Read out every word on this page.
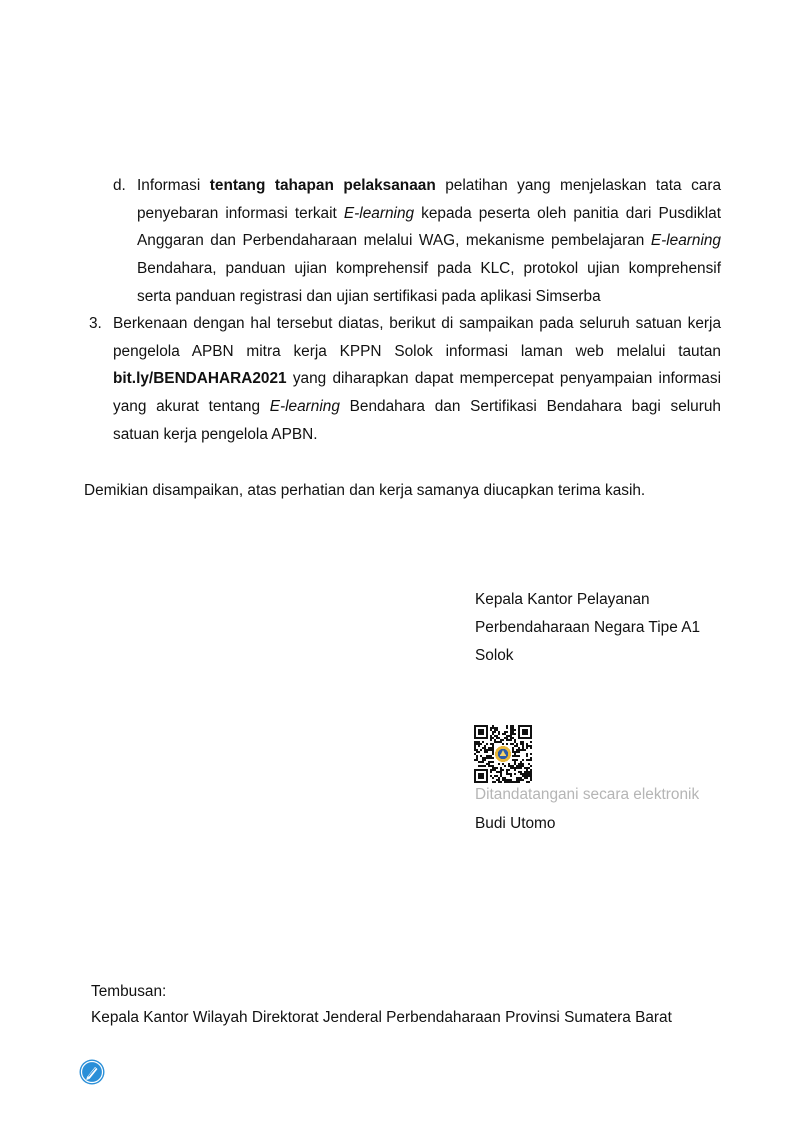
d. Informasi tentang tahapan pelaksanaan pelatihan yang menjelaskan tata cara penyebaran informasi terkait E-learning kepada peserta oleh panitia dari Pusdiklat Anggaran dan Perbendaharaan melalui WAG, mekanisme pembelajaran E-learning Bendahara, panduan ujian komprehensif pada KLC, protokol ujian komprehensif serta panduan registrasi dan ujian sertifikasi pada aplikasi Simserba

3. Berkenaan dengan hal tersebut diatas, berikut di sampaikan pada seluruh satuan kerja pengelola APBN mitra kerja KPPN Solok informasi laman web melalui tautan bit.ly/BENDAHARA2021 yang diharapkan dapat mempercepat penyampaian informasi yang akurat tentang E-learning Bendahara dan Sertifikasi Bendahara bagi seluruh satuan kerja pengelola APBN.

Demikian disampaikan, atas perhatian dan kerja samanya diucapkan terima kasih.
Kepala Kantor Pelayanan
Perbendaharaan Negara Tipe A1
Solok
Ditandatangani secara elektronik
Budi Utomo
Tembusan:
Kepala Kantor Wilayah Direktorat Jenderal Perbendaharaan Provinsi Sumatera Barat
